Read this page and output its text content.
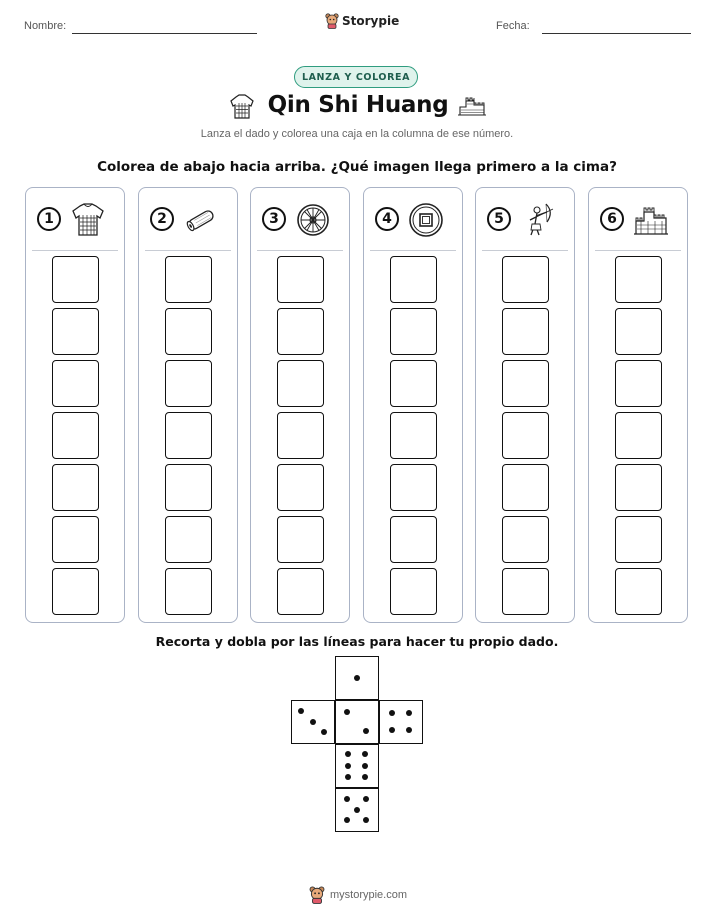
Nombre:	Storypie	Fecha:
LANZA Y COLOREA
Qin Shi Huang
Lanza el dado y colorea una caja en la columna de ese número.
Colorea de abajo hacia arriba. ¿Qué imagen llega primero a la cima?
1	2	3	4	5	6
Recorta y dobla por las líneas para hacer tu propio dado.
mystorypie.com
